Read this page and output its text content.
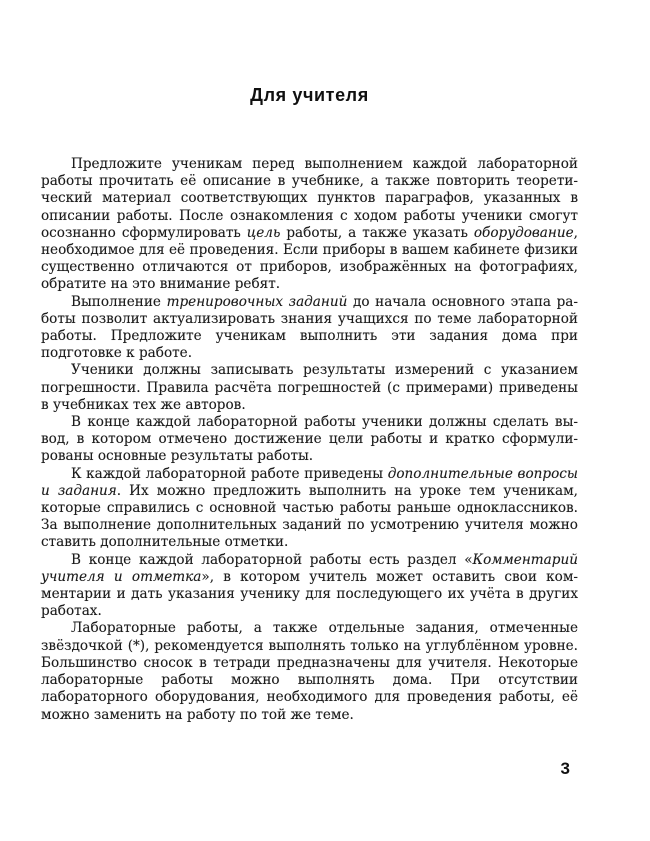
Для учителя

Предложите ученикам перед выполнением каждой лабораторной работы прочитать её описание в учебнике, а также повторить теоретический материал соответствующих пунктов параграфов, указанных в описании работы. После ознакомления с ходом работы ученики смогут осознанно сформулировать цель работы, а также указать оборудование, необходимое для её проведения. Если приборы в вашем кабинете физики существенно отличаются от приборов, изображённых на фотографиях, обратите на это внимание ребят.

Выполнение тренировочных заданий до начала основного этапа работы позволит актуализировать знания учащихся по теме лабораторной работы. Предложите ученикам выполнить эти задания дома при подготовке к работе.

Ученики должны записывать результаты измерений с указанием погрешности. Правила расчёта погрешностей (с примерами) приведены в учебниках тех же авторов.

В конце каждой лабораторной работы ученики должны сделать вывод, в котором отмечено достижение цели работы и кратко сформулированы основные результаты работы.

К каждой лабораторной работе приведены дополнительные вопросы и задания. Их можно предложить выполнить на уроке тем ученикам, которые справились с основной частью работы раньше одноклассников. За выполнение дополнительных заданий по усмотрению учителя можно ставить дополнительные отметки.

В конце каждой лабораторной работы есть раздел «Комментарий учителя и отметка», в котором учитель может оставить свои комментарии и дать указания ученику для последующего их учёта в других работах.

Лабораторные работы, а также отдельные задания, отмеченные звёздочкой (*), рекомендуется выполнять только на углублённом уровне. Большинство сносок в тетради предназначены для учителя. Некоторые лабораторные работы можно выполнять дома. При отсутствии лабораторного оборудования, необходимого для проведения работы, её можно заменить на работу по той же теме.

3
